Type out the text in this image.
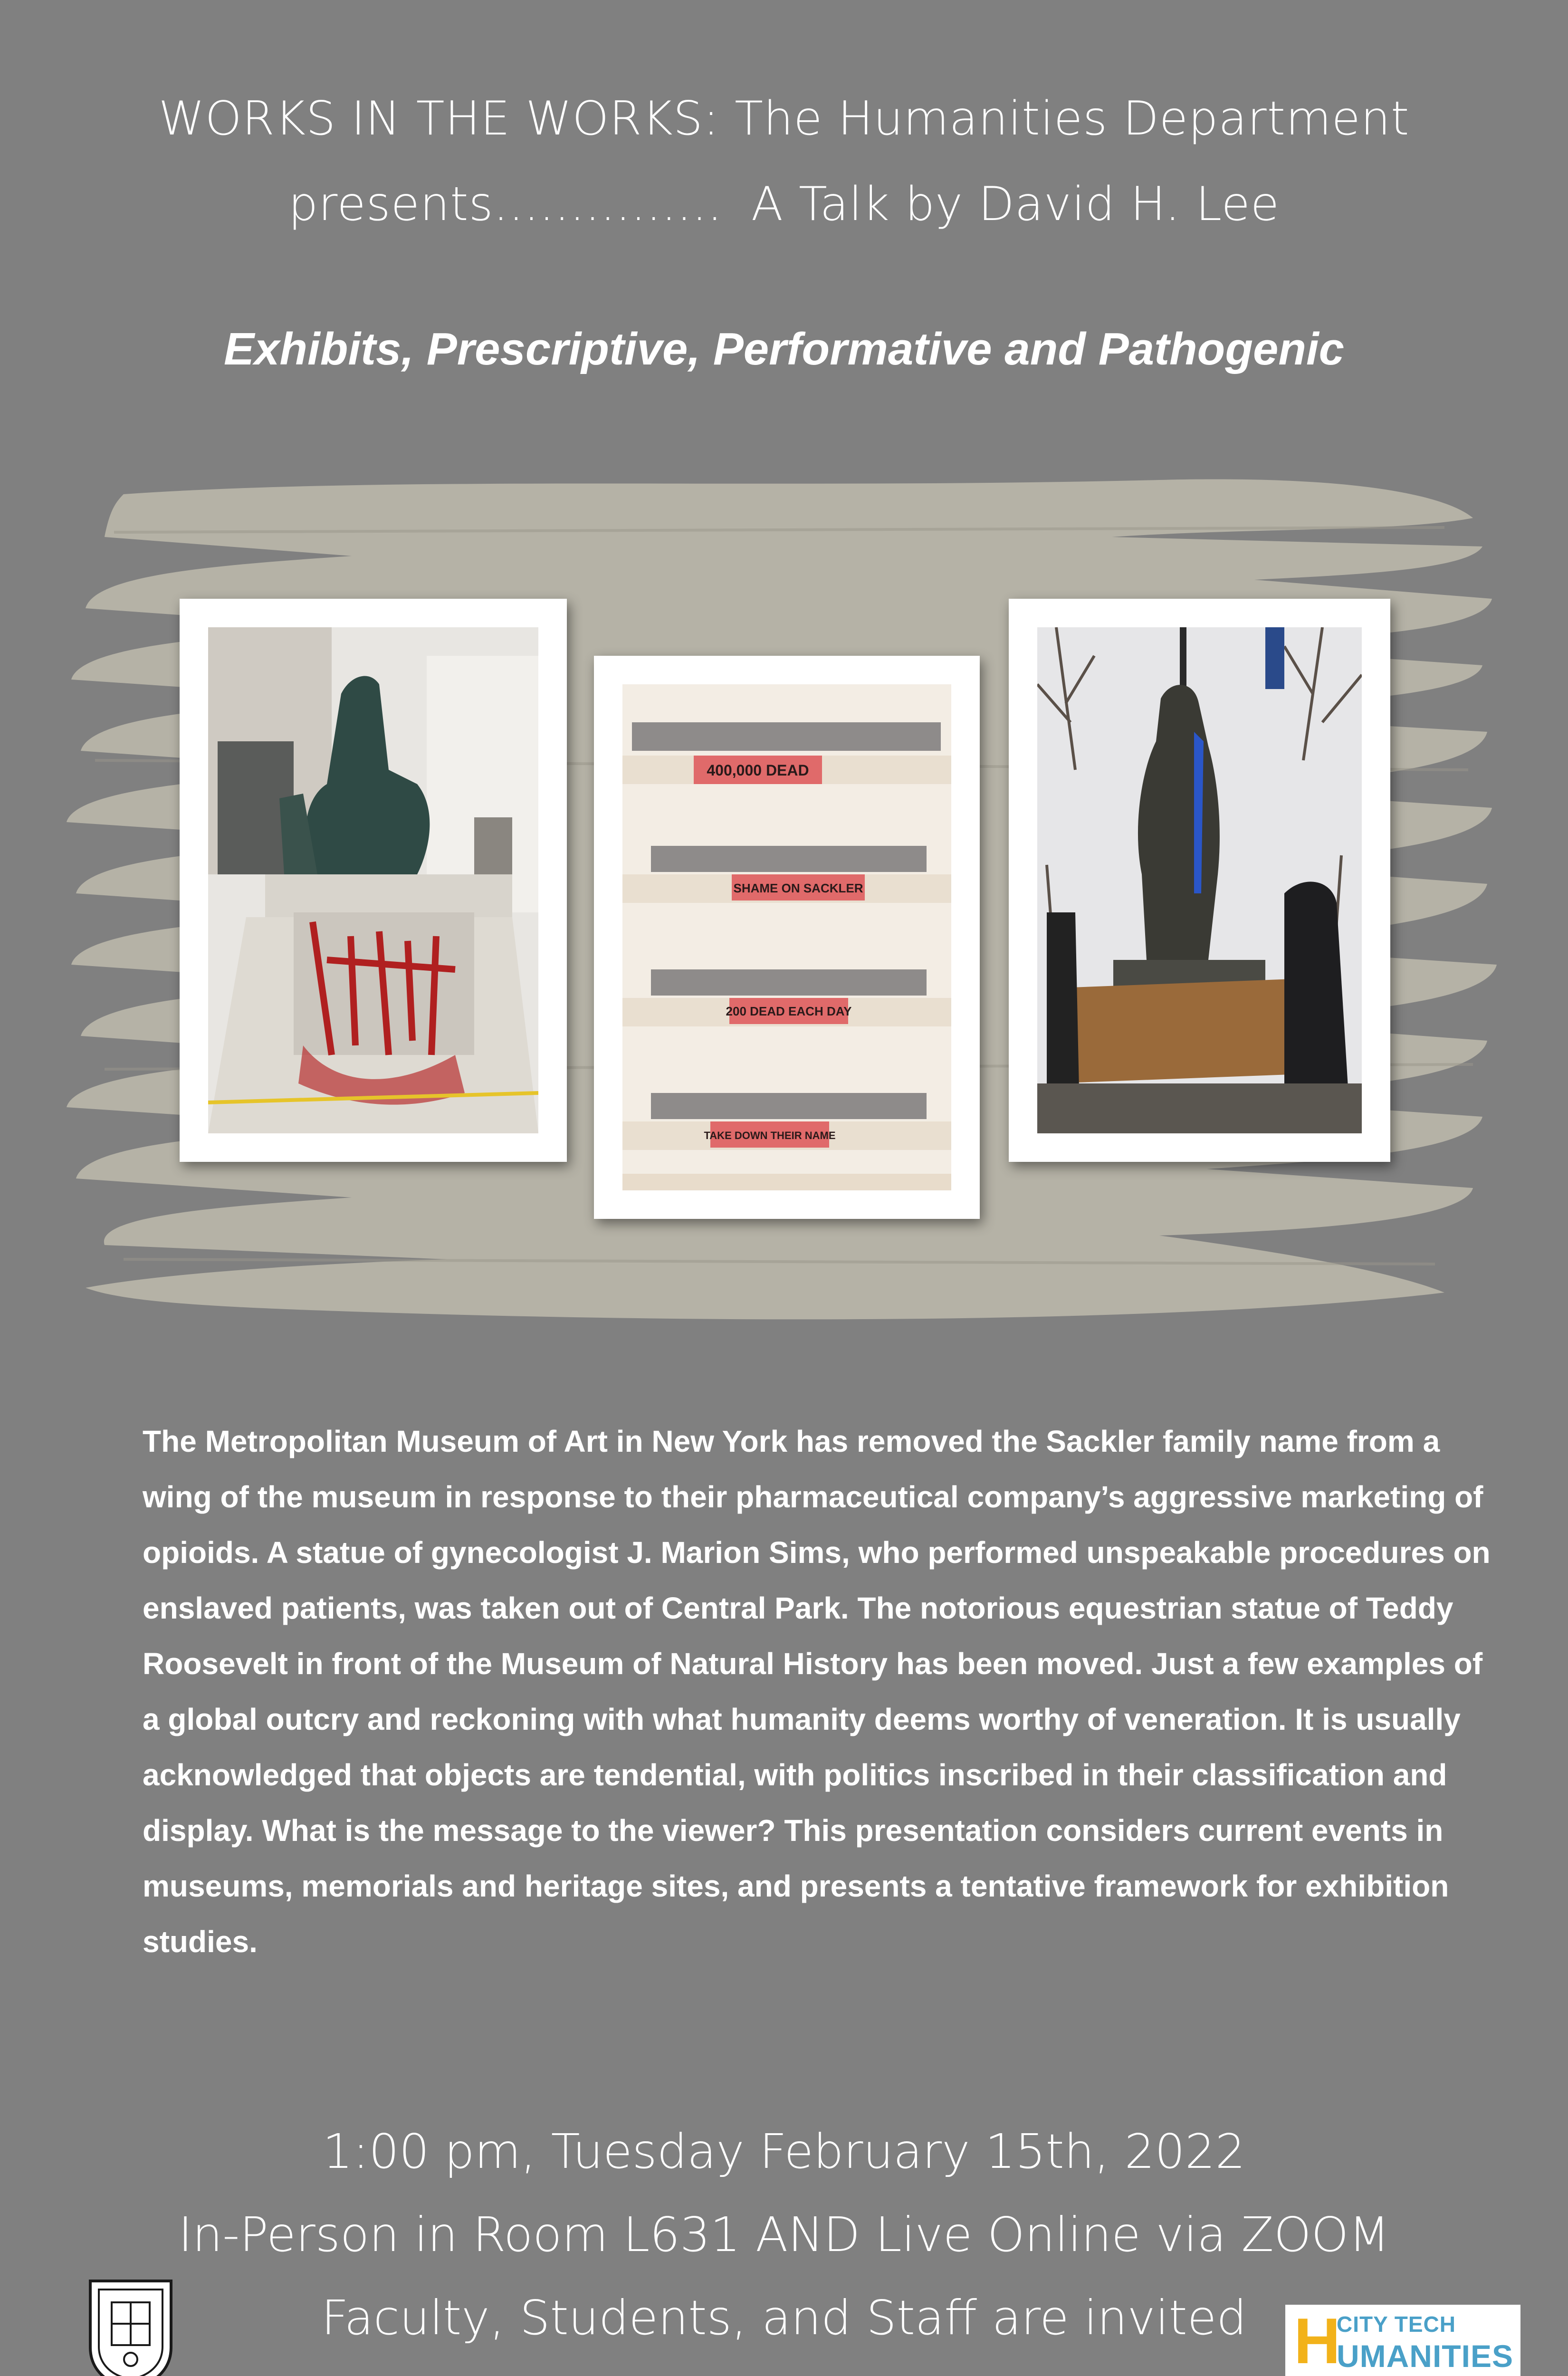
WORKS IN THE WORKS: The Humanities Department
presents............... A Talk by David H. Lee
Exhibits, Prescriptive, Performative and Pathogenic
400,000 DEAD
SHAME ON SACKLER
200 DEAD EACH DAY
TAKE DOWN THEIR NAME
The Metropolitan Museum of Art in New York has removed the Sackler family name from a wing of the museum in response to their pharmaceutical company’s aggressive marketing of opioids. A statue of gynecologist J. Marion Sims, who performed unspeakable procedures on enslaved patients, was taken out of Central Park. The notorious equestrian statue of Teddy Roosevelt in front of the Museum of Natural History has been moved. Just a few examples of a global outcry and reckoning with what humanity deems worthy of veneration. It is usually acknowledged that objects are tendential, with politics inscribed in their classification and display. What is the message to the viewer? This presentation considers current events in museums, memorials and heritage sites, and presents a tentative framework for exhibition studies.
1:00 pm, Tuesday February 15th, 2022
In-Person in Room L631 AND Live Online via ZOOM
Faculty, Students, and Staff are invited H
CITY TECH
UMANITIES
